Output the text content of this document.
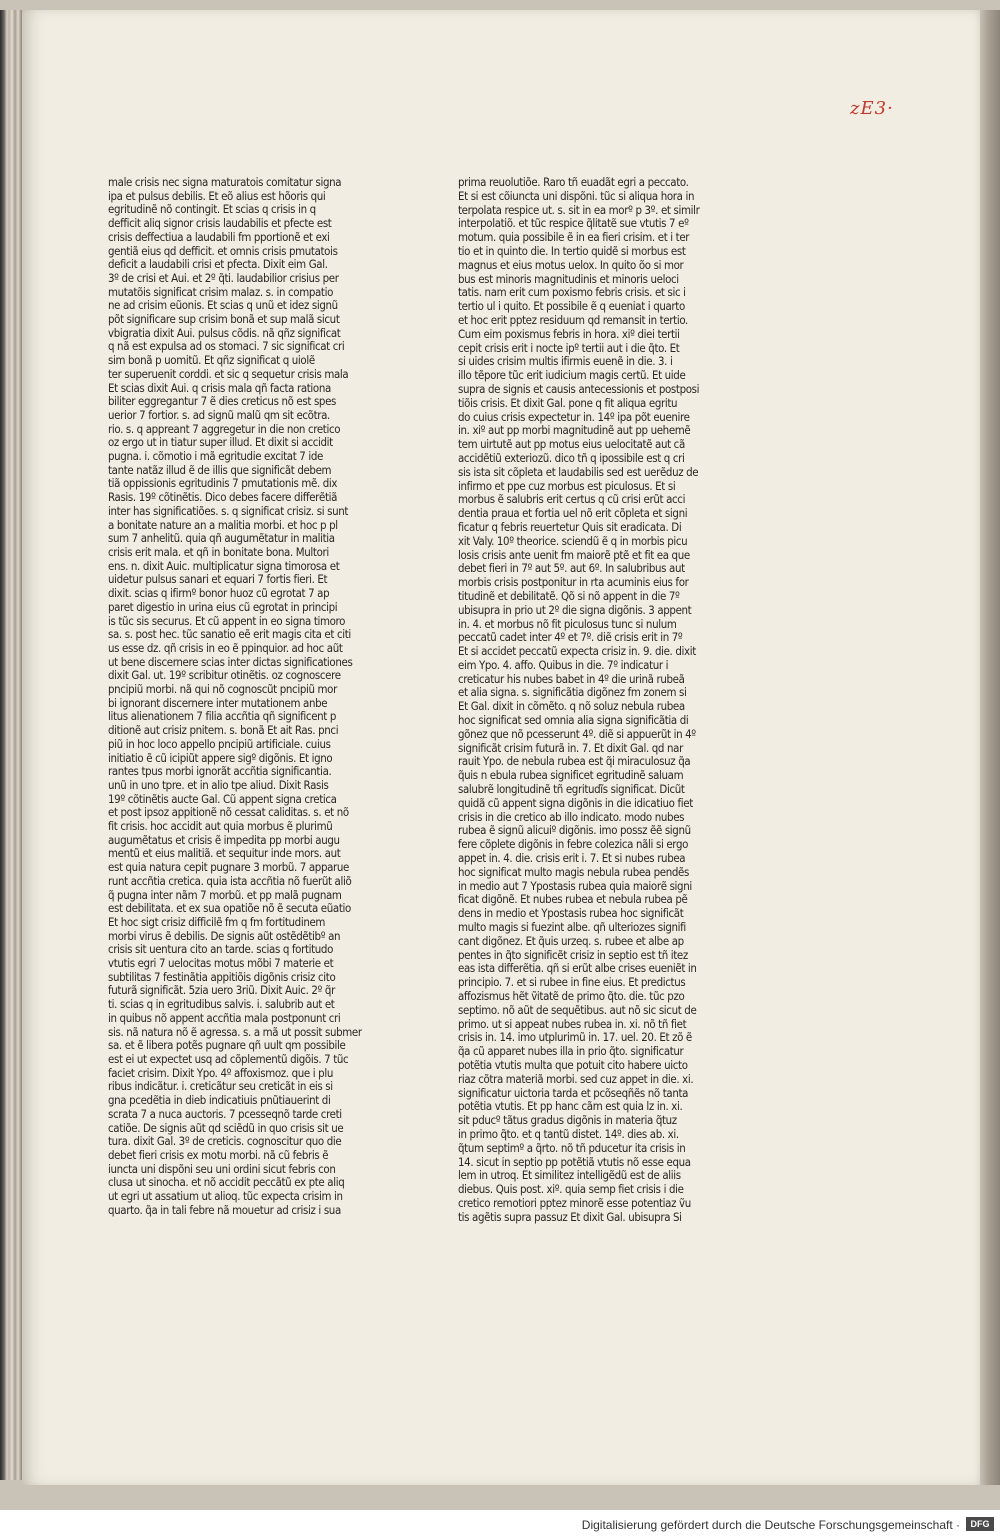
zE3·

male crisis nec signa maturatois comitatur signa
ipa et pulsus debilis. Et eõ alius est hõoris qui
egritudinẽ nõ contingit. Et scias q crisis in q
defficit aliq signor crisis laudabilis et pfecte est
crisis deffectiua a laudabili fm pportionẽ et exi
gentiã eius qd defficit. et omnis crisis pmutatois
deficit a laudabili crisi et pfecta. Dixit eim Gal.
3º de crisi et Aui. et 2º q̃ti. laudabilior crisius per
mutatõis significat crisim malaz. s. in compatio
ne ad crisim eũonis. Et scias q unũ et idez signũ
põt significare sup crisim bonã et sup malã sicut
vbigratia dixit Aui. pulsus cõdis. nã qñz significat
q nã est expulsa ad os stomaci. 7 sic significat cri
sim bonã p uomitũ. Et qñz significat q uiolẽ
ter superuenit corddi. et sic q sequetur crisis mala
Et scias dixit Aui. q crisis mala qñ facta rationa
biliter eggregantur 7 ẽ dies creticus nõ est spes
uerior 7 fortior. s. ad signũ malũ qm sit ecõtra.
rio. s. q appreant 7 aggregetur in die non cretico
oz ergo ut in tiatur super illud. Et dixit si accidit
pugna. i. cõmotio i mã egritudie excitat 7 ide
tante natãz illud ẽ de illis que significãt debem
tiã oppissionis egritudinis 7 pmutationis mẽ. dix
Rasis. 19º cõtinẽtis. Dico debes facere differẽtiã
inter has significatiões. s. q significat crisiz. si sunt
a bonitate nature an a malitia morbi. et hoc p pl
sum 7 anhelitũ. quia qñ augumẽtatur in malitia
crisis erit mala. et qñ in bonitate bona. Multori
ens. n. dixit Auic. multiplicatur signa timorosa et
uidetur pulsus sanari et equari 7 fortis fieri. Et
dixit. scias q ifirmº bonor huoz cũ egrotat 7 ap
paret digestio in urina eius cũ egrotat in principi
is tũc sis securus. Et cũ appent in eo signa timoro
sa. s. post hec. tũc sanatio eẽ erit magis cita et citi
us esse dz. qñ crisis in eo ẽ ppinquior. ad hoc aũt
ut bene discernere scias inter dictas significationes
dixit Gal. ut. 19º scribitur otinẽtis. oz cognoscere
pncipiũ morbi. nã qui nõ cognoscũt pncipiũ mor
bi ignorant discernere inter mutationem anbe
litus alienationem 7 filia accñtia qñ significent p
ditionẽ aut crisiz pnitem. s. bonã Et ait Ras. pnci
piũ in hoc loco appello pncipiũ artificiale. cuius
initiatio ẽ cũ icipiũt appere sigº digõnis. Et igno
rantes tpus morbi ignorãt accñtia significantia.
unũ in uno tpre. et in alio tpe aliud. Dixit Rasis
19º cõtinẽtis aucte Gal. Cũ appent signa cretica
et post ipsoz appitionẽ nõ cessat caliditas. s. et nõ
fit crisis. hoc accidit aut quia morbus ẽ plurimũ
augumẽtatus et crisis ẽ impedita pp morbi augu
mentũ et eius malitiã. et sequitur inde mors. aut
est quia natura cepit pugnare 3 morbũ. 7 apparue
runt accñtia cretica. quia ista accñtia nõ fuerũt aliõ
q̃ pugna inter nãm 7 morbũ. et pp malã pugnam
est debilitata. et ex sua opatiõe nõ ẽ secuta eũatio
Et hoc sigt crisiz difficilẽ fm q fm fortitudinem
morbi virus ẽ debilis. De signis aũt ostẽdẽtibº an
crisis sit uentura cito an tarde. scias q fortitudo
vtutis egri 7 uelocitas motus mõbi 7 materie et
subtilitas 7 festinãtia appitiõis digõnis crisiz cito
futurã significãt. 5zia uero 3riũ. Dixit Auic. 2º q̃r
ti. scias q in egritudibus salvis. i. salubrib aut et
in quibus nõ appent accñtia mala postponunt cri
sis. nã natura nõ ẽ agressa. s. a mã ut possit submer
sa. et ẽ libera potẽs pugnare qñ uult qm possibile
est ei ut expectet usq ad cõplementũ digõis. 7 tũc
faciet crisim. Dixit Ypo. 4º affoxismoz. que i plu
ribus indicãtur. i. creticãtur seu creticãt in eis si
gna pcedẽtia in dieb indicatiuis pnũtiauerint di
scrata 7 a nuca auctoris. 7 pcesseqnõ tarde creti
catiõe. De signis aũt qd sciẽdũ in quo crisis sit ue
tura. dixit Gal. 3º de creticis. cognoscitur quo die
debet fieri crisis ex motu morbi. nã cũ febris ẽ
iuncta uni dispõni seu uni ordini sicut febris con
clusa ut sinocha. et nõ accidit peccãtũ ex pte aliq
ut egri ut assatium ut alioq. tũc expecta crisim in
quarto. q̃a in tali febre nã mouetur ad crisiz i sua
prima reuolutiõe. Raro tñ euadãt egri a peccato.
Et si est cõiuncta uni dispõni. tũc si aliqua hora in
terpolata respice ut. s. sit in ea morº p 3º. et similr
interpolatiõ. et tũc respice q̃litatẽ sue vtutis 7 eº
motum. quia possibile ẽ in ea fieri crisim. et i ter
tio et in quinto die. In tertio quidẽ si morbus est
magnus et eius motus uelox. In quito õo si mor
bus est minoris magnitudinis et minoris ueloci
tatis. nam erit cum poxismo febris crisis. et sic i
tertio ul i quito. Et possibile ẽ q eueniat i quarto
et hoc erit pptez residuum qd remansit in tertio.
Cum eim poxismus febris in hora. xiº diei tertii
cepit crisis erit i nocte ipº tertii aut i die q̃to. Et
si uides crisim multis ifirmis euenẽ in die. 3. i
illo tẽpore tũc erit iudicium magis certũ. Et uide
supra de signis et causis antecessionis et postposi
tiõis crisis. Et dixit Gal. pone q fit aliqua egritu
do cuius crisis expectetur in. 14º ipa põt euenire
in. xiº aut pp morbi magnitudinẽ aut pp uehemẽ
tem uirtutẽ aut pp motus eius uelocitatẽ aut cã
accidẽtiũ exteriozũ. dico tñ q ipossibile est q cri
sis ista sit cõpleta et laudabilis sed est uerẽduz de
infirmo et ppe cuz morbus est piculosus. Et si
morbus ẽ salubris erit certus q cũ crisi erũt acci
dentia praua et fortia uel nõ erit cõpleta et signi
ficatur q febris reuertetur Quis sit eradicata. Di
xit Valy. 10º theorice. sciendũ ẽ q in morbis picu
losis crisis ante uenit fm maiorẽ ptẽ et fit ea que
debet fieri in 7º aut 5º. aut 6º. In salubribus aut
morbis crisis postponitur in rta acuminis eius for
titudinẽ et debilitatẽ. Qõ si nõ appent in die 7º
ubisupra in prio ut 2º die signa digõnis. 3 appent
in. 4. et morbus nõ fit piculosus tunc si nulum
peccatũ cadet inter 4º et 7º. diẽ crisis erit in 7º
Et si accidet peccatũ expecta crisiz in. 9. die. dixit
eim Ypo. 4. affo. Quibus in die. 7º indicatur i
creticatur his nubes babet in 4º die urinã rubeã
et alia signa. s. significãtia digõnez fm zonem si
Et Gal. dixit in cõmẽto. q nõ soluz nebula rubea
hoc significat sed omnia alia signa significãtia di
gõnez que nõ pcesserunt 4º. diẽ si appuerũt in 4º
significãt crisim futurã in. 7. Et dixit Gal. qd nar
rauit Ypo. de nebula rubea est q̃i miraculosuz q̃a
q̃uis n ebula rubea significet egritudinẽ saluam
salubrẽ longitudinẽ tñ egritudĩs significat. Dicũt
quidã cũ appent signa digõnis in die idicatiuo fiet
crisis in die cretico ab illo indicato. modo nubes
rubea ẽ signũ alicuiº digõnis. imo possz ẽẽ signũ
fere cõplete digõnis in febre colezica nãli si ergo
appet in. 4. die. crisis erit i. 7. Et si nubes rubea
hoc significat multo magis nebula rubea pendẽs
in medio aut 7 Ypostasis rubea quia maiorẽ signi
ficat digõnẽ. Et nubes rubea et nebula rubea pẽ
dens in medio et Ypostasis rubea hoc significãt
multo magis si fuezint albe. qñ ulteriozes signifi
cant digõnez. Et q̃uis urzeq. s. rubee et albe ap
pentes in q̃to significẽt crisiz in septio est tñ itez
eas ista differẽtia. qñ si erũt albe crises eueniẽt in
principio. 7. et si rubee in fine eius. Et predictus
affozismus hẽt ṽitatẽ de primo q̃to. die. tũc pzo
septimo. nõ aũt de sequẽtibus. aut nõ sic sicut de
primo. ut si appeat nubes rubea in. xi. nõ tñ fiet
crisis in. 14. imo utplurimũ in. 17. uel. 20. Et zõ ẽ
q̃a cũ apparet nubes illa in prio q̃to. significatur
potẽtia vtutis multa que potuit cito habere uicto
riaz cõtra materiã morbi. sed cuz appet in die. xi.
significatur uictoria tarda et pcõseqñẽs nõ tanta
potẽtia vtutis. Et pp hanc cãm est quia lz in. xi.
sit pducº tãtus gradus digõnis in materia q̃tuz
in primo q̃to. et q tantũ distet. 14º. dies ab. xi.
q̃tum septimº a q̃rto. nõ tñ pducetur ita crisis in
14. sicut in septio pp potẽtiã vtutis nõ esse equa
lem in utroq. Et similitez intelligẽdũ est de aliis
diebus. Quis post. xiº. quia semp fiet crisis i die
cretico remotiori pptez minorẽ esse potentiaz ṽu
tis agẽtis supra passuz Et dixit Gal. ubisupra Si

Digitalisierung gefördert durch die Deutsche Forschungsgemeinschaft ·	DFG
